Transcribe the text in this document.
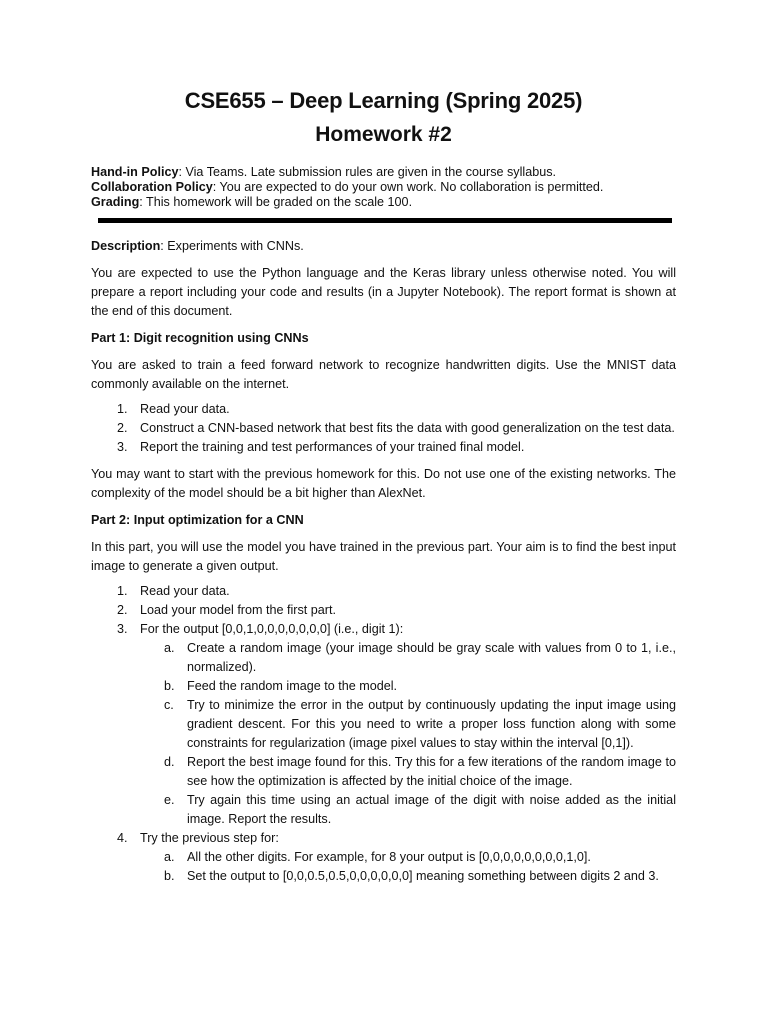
CSE655 – Deep Learning (Spring 2025)
Homework #2
Hand-in Policy: Via Teams. Late submission rules are given in the course syllabus.
Collaboration Policy: You are expected to do your own work. No collaboration is permitted.
Grading: This homework will be graded on the scale 100.
Description: Experiments with CNNs.

You are expected to use the Python language and the Keras library unless otherwise noted. You will prepare a report including your code and results (in a Jupyter Notebook). The report format is shown at the end of this document.

Part 1: Digit recognition using CNNs

You are asked to train a feed forward network to recognize handwritten digits. Use the MNIST data commonly available on the internet.

1. Read your data.
2. Construct a CNN-based network that best fits the data with good generalization on the test data.
3. Report the training and test performances of your trained final model.

You may want to start with the previous homework for this. Do not use one of the existing networks. The complexity of the model should be a bit higher than AlexNet.

Part 2: Input optimization for a CNN

In this part, you will use the model you have trained in the previous part. Your aim is to find the best input image to generate a given output.

1. Read your data.
2. Load your model from the first part.
3. For the output [0,0,1,0,0,0,0,0,0,0] (i.e., digit 1):
a. Create a random image (your image should be gray scale with values from 0 to 1, i.e., normalized).
b. Feed the random image to the model.
c. Try to minimize the error in the output by continuously updating the input image using gradient descent. For this you need to write a proper loss function along with some constraints for regularization (image pixel values to stay within the interval [0,1]).
d. Report the best image found for this. Try this for a few iterations of the random image to see how the optimization is affected by the initial choice of the image.
e. Try again this time using an actual image of the digit with noise added as the initial image. Report the results.
4. Try the previous step for:
a. All the other digits. For example, for 8 your output is [0,0,0,0,0,0,0,0,1,0].
b. Set the output to [0,0,0.5,0.5,0,0,0,0,0,0] meaning something between digits 2 and 3.
